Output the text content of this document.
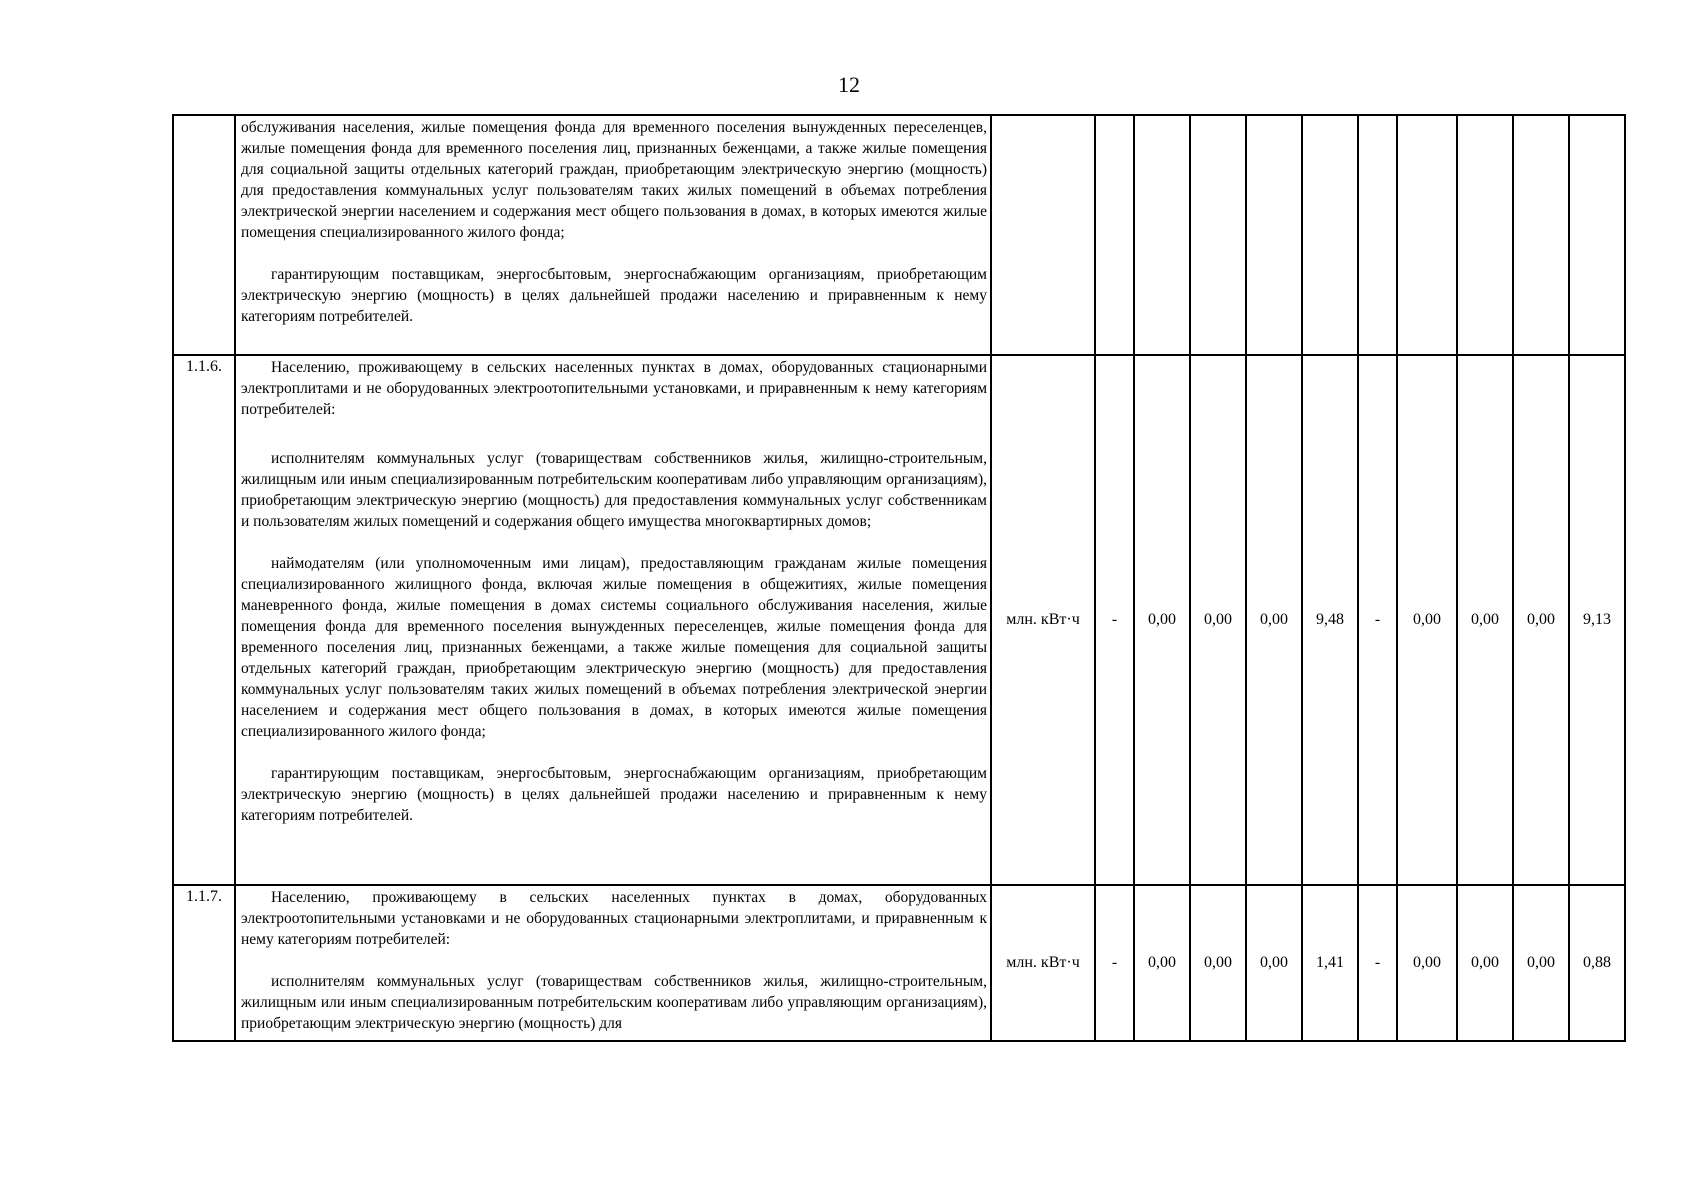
12

	обслуживания населения, жилые помещения фонда для временного поселения вынужденных переселенцев, жилые помещения фонда для временного поселения лиц, признанных беженцами, а также жилые помещения для социальной защиты отдельных категорий граждан, приобретающим электрическую энергию (мощность) для предоставления коммунальных услуг пользователям таких жилых помещений в объемах потребления электрической энергии населением и содержания мест общего пользования в домах, в которых имеются жилые помещения специализированного жилого фонда;

гарантирующим поставщикам, энергосбытовым, энергоснабжающим организациям, приобретающим электрическую энергию (мощность) в целях дальнейшей продажи населению и приравненным к нему категориям потребителей.											

1.1.6.	Населению, проживающему в сельских населенных пунктах в домах, оборудованных стационарными электроплитами и не оборудованных электроотопительными установками, и приравненным к нему категориям потребителей:

исполнителям коммунальных услуг (товариществам собственников жилья, жилищно-строительным, жилищным или иным специализированным потребительским кооперативам либо управляющим организациям), приобретающим электрическую энергию (мощность) для предоставления коммунальных услуг собственникам и пользователям жилых помещений и содержания общего имущества многоквартирных домов;

наймодателям (или уполномоченным ими лицам), предоставляющим гражданам жилые помещения специализированного жилищного фонда, включая жилые помещения в общежитиях, жилые помещения маневренного фонда, жилые помещения в домах системы социального обслуживания населения, жилые помещения фонда для временного поселения вынужденных переселенцев, жилые помещения фонда для временного поселения лиц, признанных беженцами, а также жилые помещения для социальной защиты отдельных категорий граждан, приобретающим электрическую энергию (мощность) для предоставления коммунальных услуг пользователям таких жилых помещений в объемах потребления электрической энергии населением и содержания мест общего пользования в домах, в которых имеются жилые помещения специализированного жилого фонда;

гарантирующим поставщикам, энергосбытовым, энергоснабжающим организациям, приобретающим электрическую энергию (мощность) в целях дальнейшей продажи населению и приравненным к нему категориям потребителей.	млн. кВт·ч	-	0,00	0,00	0,00	9,48	-	0,00	0,00	0,00	9,13
1.1.7.	Населению, проживающему в сельских населенных пунктах в домах, оборудованных электроотопительными установками и не оборудованных стационарными электроплитами, и приравненным к нему категориям потребителей:

исполнителям коммунальных услуг (товариществам собственников жилья, жилищно-строительным, жилищным или иным специализированным потребительским кооперативам либо управляющим организациям), приобретающим электрическую энергию (мощность) для	млн. кВт·ч	-	0,00	0,00	0,00	1,41	-	0,00	0,00	0,00	0,88
